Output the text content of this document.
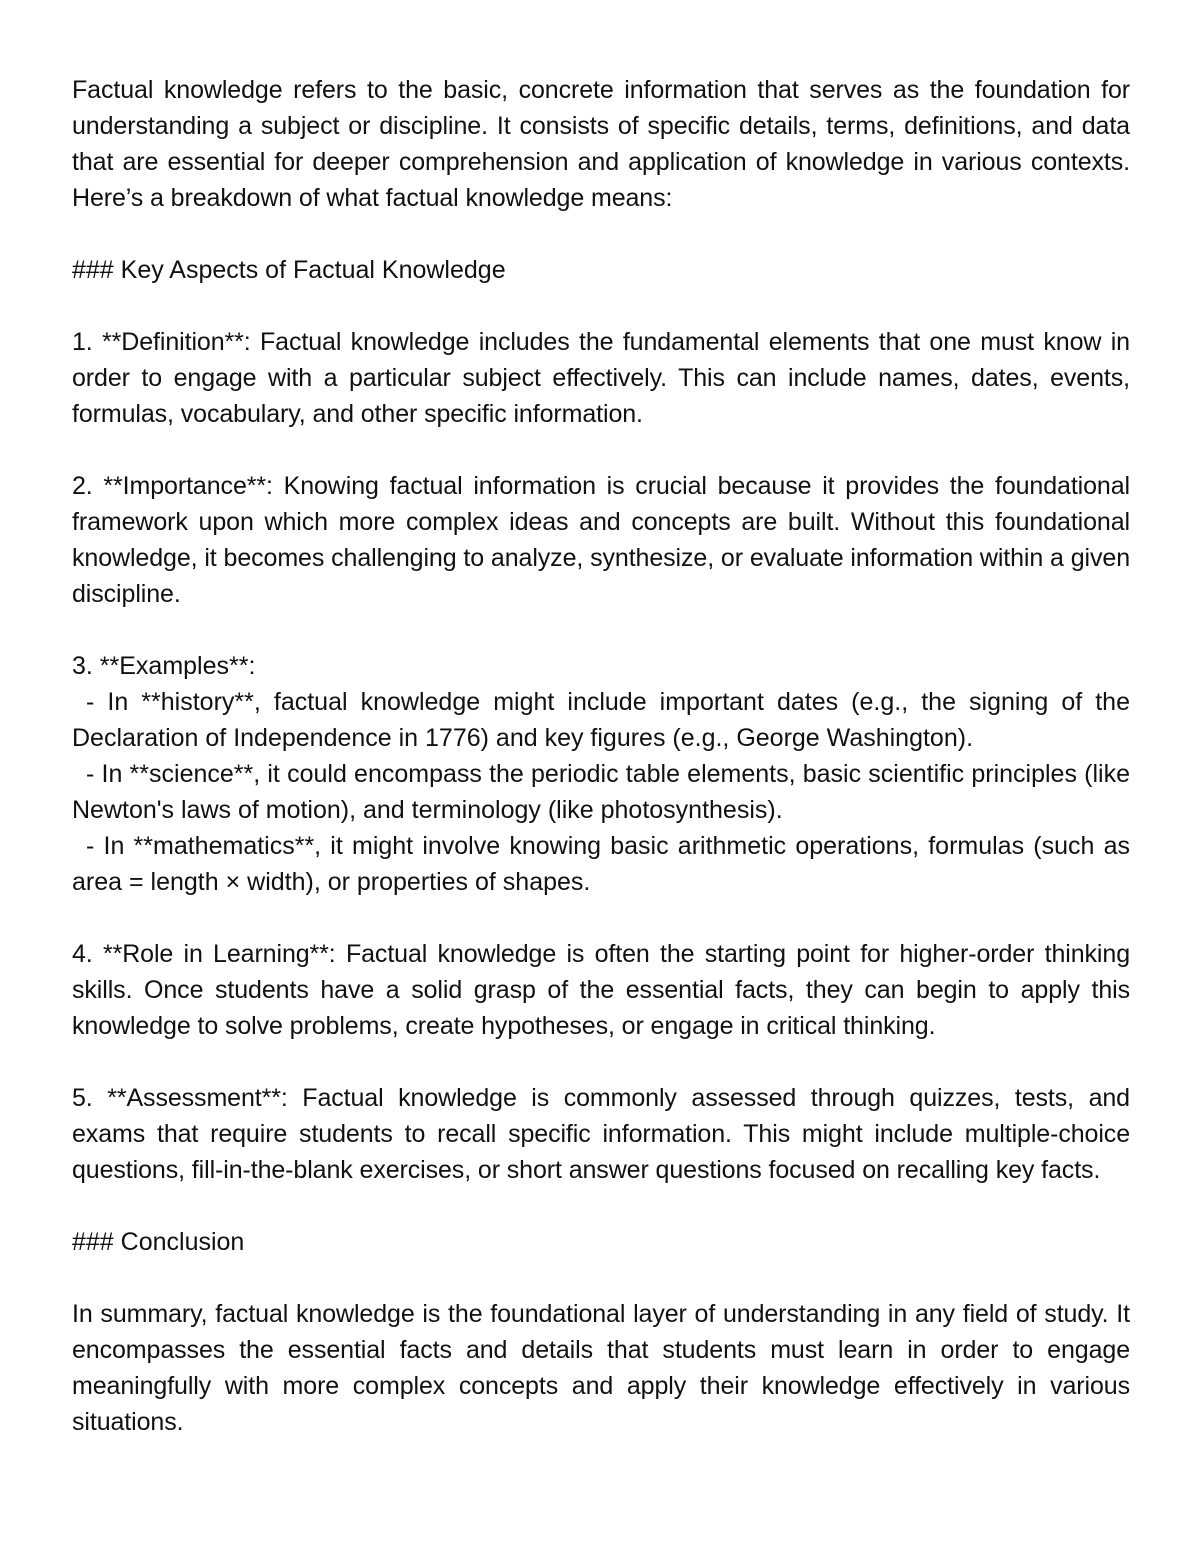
Factual knowledge refers to the basic, concrete information that serves as the foundation for understanding a subject or discipline. It consists of specific details, terms, definitions, and data that are essential for deeper comprehension and application of knowledge in various contexts. Here’s a breakdown of what factual knowledge means:

### Key Aspects of Factual Knowledge

1. **Definition**: Factual knowledge includes the fundamental elements that one must know in order to engage with a particular subject effectively. This can include names, dates, events, formulas, vocabulary, and other specific information.

2. **Importance**: Knowing factual information is crucial because it provides the foundational framework upon which more complex ideas and concepts are built. Without this foundational knowledge, it becomes challenging to analyze, synthesize, or evaluate information within a given discipline.

3. **Examples**:

- In **history**, factual knowledge might include important dates (e.g., the signing of the Declaration of Independence in 1776) and key figures (e.g., George Washington).

- In **science**, it could encompass the periodic table elements, basic scientific principles (like Newton's laws of motion), and terminology (like photosynthesis).

- In **mathematics**, it might involve knowing basic arithmetic operations, formulas (such as area = length × width), or properties of shapes.

4. **Role in Learning**: Factual knowledge is often the starting point for higher-order thinking skills. Once students have a solid grasp of the essential facts, they can begin to apply this knowledge to solve problems, create hypotheses, or engage in critical thinking.

5. **Assessment**: Factual knowledge is commonly assessed through quizzes, tests, and exams that require students to recall specific information. This might include multiple-choice questions, fill-in-the-blank exercises, or short answer questions focused on recalling key facts.

### Conclusion

In summary, factual knowledge is the foundational layer of understanding in any field of study. It encompasses the essential facts and details that students must learn in order to engage meaningfully with more complex concepts and apply their knowledge effectively in various situations.
